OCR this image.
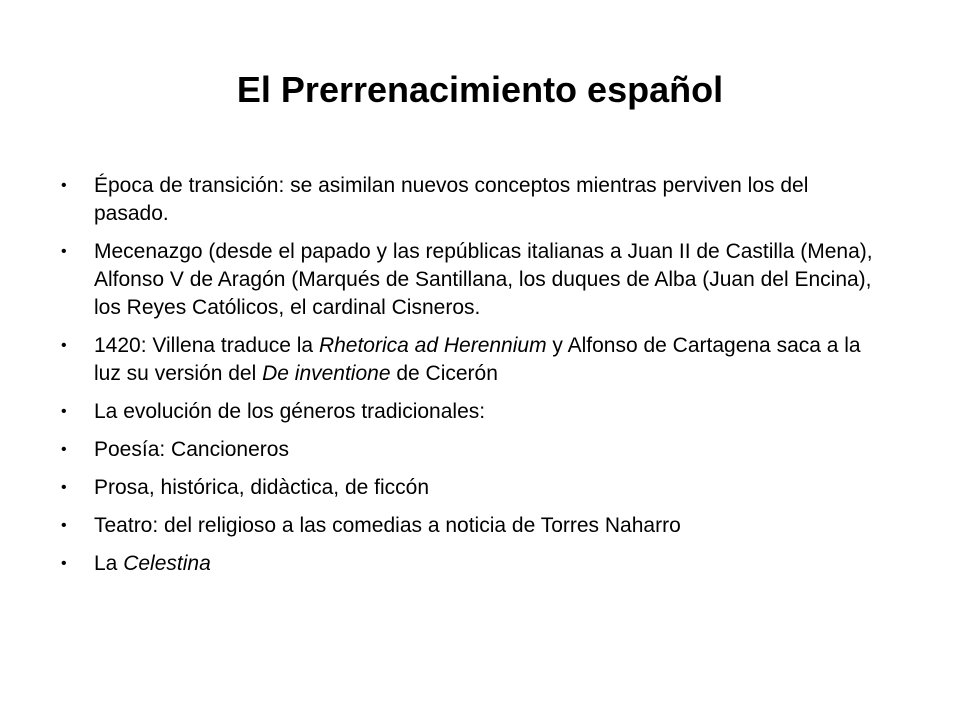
El Prerrenacimiento español
• Época de transición: se asimilan nuevos conceptos mientras perviven los del pasado.
• Mecenazgo (desde el papado y las repúblicas italianas a Juan II de Castilla (Mena), Alfonso V de Aragón (Marqués de Santillana, los duques de Alba (Juan del Encina), los Reyes Católicos, el cardinal Cisneros.
• 1420: Villena traduce la Rhetorica ad Herennium y Alfonso de Cartagena saca a la luz su versión del De inventione de Cicerón
• La evolución de los géneros tradicionales:
• Poesía: Cancioneros
• Prosa, histórica, didàctica, de ficcón
• Teatro: del religioso a las comedias a noticia de Torres Naharro
• La Celestina
